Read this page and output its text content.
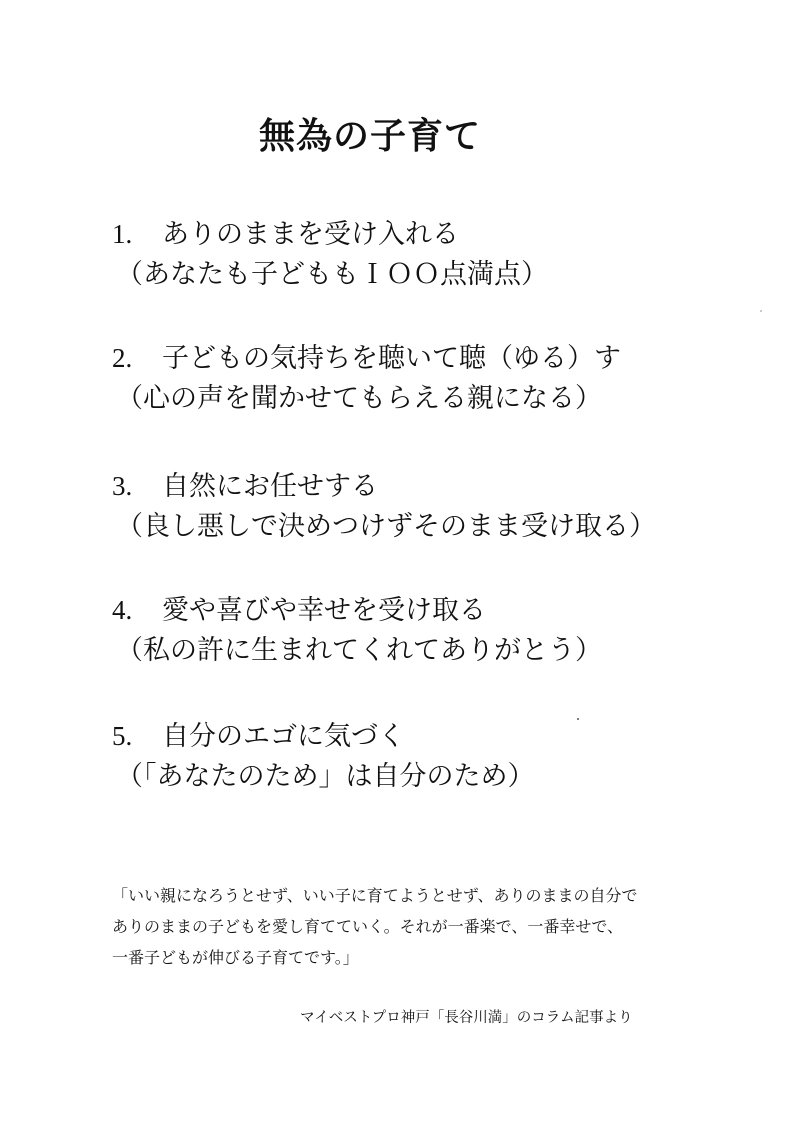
無為の子育て
1. ありのままを受け入れる
（あなたも子どももＩＯＯ点満点）
2. 子どもの気持ちを聴いて聴（ゆる）す
（心の声を聞かせてもらえる親になる）
3. 自然にお任せする
（良し悪しで決めつけずそのまま受け取る）
4. 愛や喜びや幸せを受け取る
（私の許に生まれてくれてありがとう）
5. 自分のエゴに気づく
（「あなたのため」は自分のため）
「いい親になろうとせず、いい子に育てようとせず、ありのままの自分で
ありのままの子どもを愛し育てていく。それが一番楽で、一番幸せで、
一番子どもが伸びる子育てです。」
マイベストプロ神戸「長谷川満」のコラム記事より
